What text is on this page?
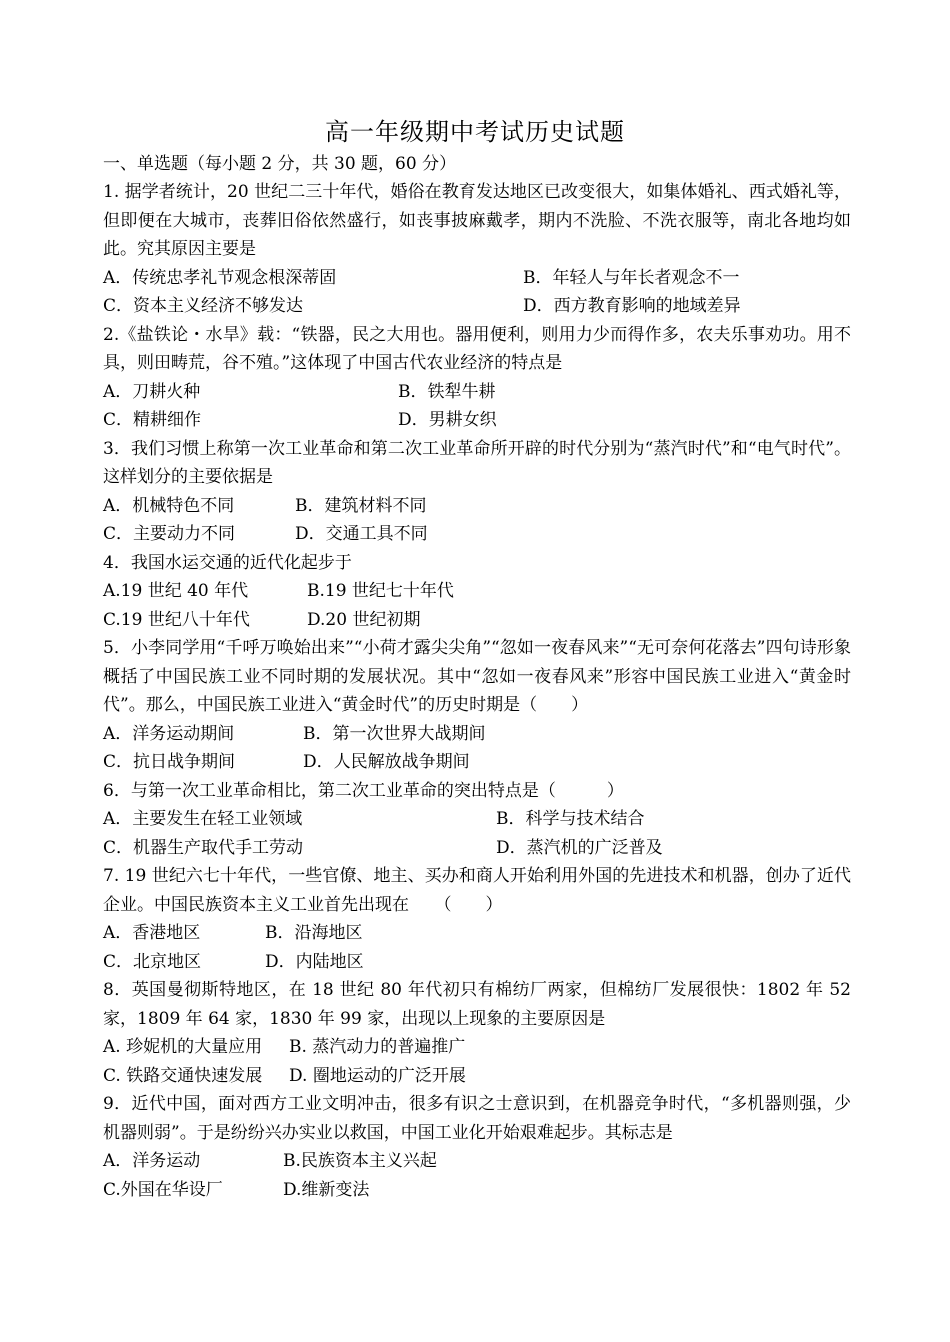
高一年级期中考试历史试题
一、单选题（每小题 2 分，共 30 题，60 分）

1. 据学者统计，20 世纪二三十年代，婚俗在教育发达地区已改变很大，如集体婚礼、西式婚礼等，但即便在大城市，丧葬旧俗依然盛行，如丧事披麻戴孝，期内不洗脸、不洗衣服等，南北各地均如此。究其原因主要是

A．传统忠孝礼节观念根深蒂固	B．年轻人与年长者观念不一
C．资本主义经济不够发达	D．西方教育影响的地域差异

2.《盐铁论・水旱》载：“铁器，民之大用也。器用便利，则用力少而得作多，农夫乐事劝功。用不具，则田畴荒，谷不殖。”这体现了中国古代农业经济的特点是

A．刀耕火种	B．铁犁牛耕
C．精耕细作	D．男耕女织

3．我们习惯上称第一次工业革命和第二次工业革命所开辟的时代分别为“蒸汽时代”和“电气时代”。这样划分的主要依据是

A．机械特色不同	B．建筑材料不同
C．主要动力不同	D．交通工具不同

4．我国水运交通的近代化起步于

A.19 世纪 40 年代	B.19 世纪七十年代
C.19 世纪八十年代	D.20 世纪初期

5．小李同学用“千呼万唤始出来”“小荷才露尖尖角”“忽如一夜春风来”“无可奈何花落去”四句诗形象概括了中国民族工业不同时期的发展状况。其中“忽如一夜春风来”形容中国民族工业进入“黄金时代”。那么，中国民族工业进入“黄金时代”的历史时期是（　　）

A．洋务运动期间	B．第一次世界大战期间
C．抗日战争期间	D．人民解放战争期间

6．与第一次工业革命相比，第二次工业革命的突出特点是（　　　）

A．主要发生在轻工业领域	B．科学与技术结合
C．机器生产取代手工劳动	D．蒸汽机的广泛普及

7. 19 世纪六七十年代，一些官僚、地主、买办和商人开始利用外国的先进技术和机器，创办了近代企业。中国民族资本主义工业首先出现在　　（　　）

A．香港地区	B．沿海地区
C．北京地区	D．内陆地区

8．英国曼彻斯特地区，在 18 世纪 80 年代初只有棉纺厂两家，但棉纺厂发展很快：1802 年 52 家，1809 年 64 家，1830 年 99 家，出现以上现象的主要原因是

A. 珍妮机的大量应用 B. 蒸汽动力的普遍推广
C. 铁路交通快速发展 D. 圈地运动的广泛开展

9．近代中国，面对西方工业文明冲击，很多有识之士意识到，在机器竞争时代，“多机器则强，少机器则弱”。于是纷纷兴办实业以救国，中国工业化开始艰难起步。其标志是

A．洋务运动	B.民族资本主义兴起
C.外国在华设厂	D.维新变法
